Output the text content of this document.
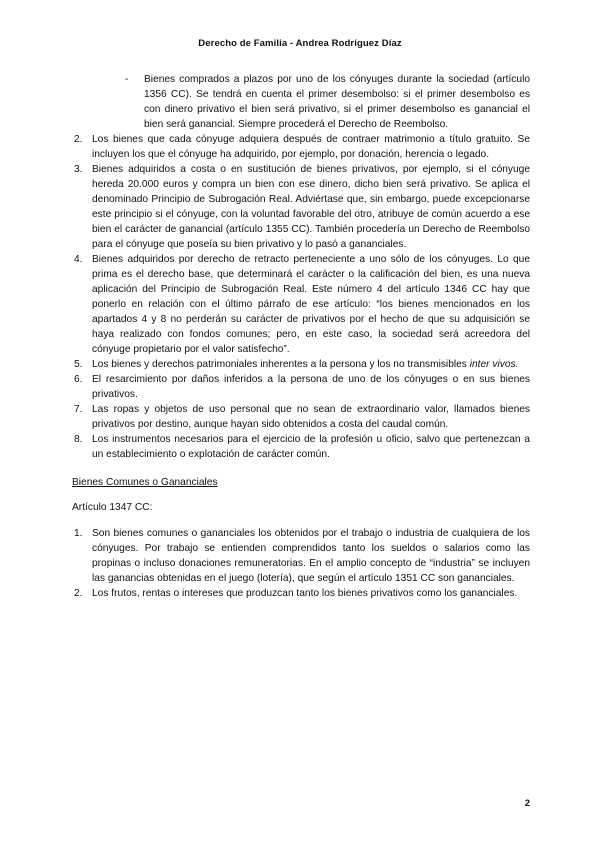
Derecho de Familia - Andrea Rodríguez Díaz
- Bienes comprados a plazos por uno de los cónyuges durante la sociedad (artículo 1356 CC). Se tendrá en cuenta el primer desembolso: si el primer desembolso es con dinero privativo el bien será privativo, si el primer desembolso es ganancial el bien será ganancial. Siempre procederá el Derecho de Reembolso.
2. Los bienes que cada cónyuge adquiera después de contraer matrimonio a título gratuito. Se incluyen los que el cónyuge ha adquirido, por ejemplo, por donación, herencia o legado.
3. Bienes adquiridos a costa o en sustitución de bienes privativos, por ejemplo, si el cónyuge hereda 20.000 euros y compra un bien con ese dinero, dicho bien será privativo. Se aplica el denominado Principio de Subrogación Real. Adviértase que, sin embargo, puede excepcionarse este principio si el cónyuge, con la voluntad favorable del otro, atribuye de común acuerdo a ese bien el carácter de ganancial (artículo 1355 CC). También procedería un Derecho de Reembolso para el cónyuge que poseía su bien privativo y lo pasó a gananciales.
4. Bienes adquiridos por derecho de retracto perteneciente a uno sólo de los cónyuges. Lo que prima es el derecho base, que determinará el carácter o la calificación del bien, es una nueva aplicación del Principio de Subrogación Real. Este número 4 del artículo 1346 CC hay que ponerlo en relación con el último párrafo de ese artículo: “los bienes mencionados en los apartados 4 y 8 no perderán su carácter de privativos por el hecho de que su adquisición se haya realizado con fondos comunes; pero, en este caso, la sociedad será acreedora del cónyuge propietario por el valor satisfecho”.
5. Los bienes y derechos patrimoniales inherentes a la persona y los no transmisibles inter vivos.
6. El resarcimiento por daños inferidos a la persona de uno de los cónyuges o en sus bienes privativos.
7. Las ropas y objetos de uso personal que no sean de extraordinario valor, llamados bienes privativos por destino, aunque hayan sido obtenidos a costa del caudal común.
8. Los instrumentos necesarios para el ejercicio de la profesión u oficio, salvo que pertenezcan a un establecimiento o explotación de carácter común.
Bienes Comunes o Gananciales
Artículo 1347 CC:
1. Son bienes comunes o gananciales los obtenidos por el trabajo o industria de cualquiera de los cónyuges. Por trabajo se entienden comprendidos tanto los sueldos o salarios como las propinas o incluso donaciones remuneratorias. En el amplio concepto de “industria” se incluyen las ganancias obtenidas en el juego (lotería), que según el artículo 1351 CC son gananciales.
2. Los frutos, rentas o intereses que produzcan tanto los bienes privativos como los gananciales.
2
